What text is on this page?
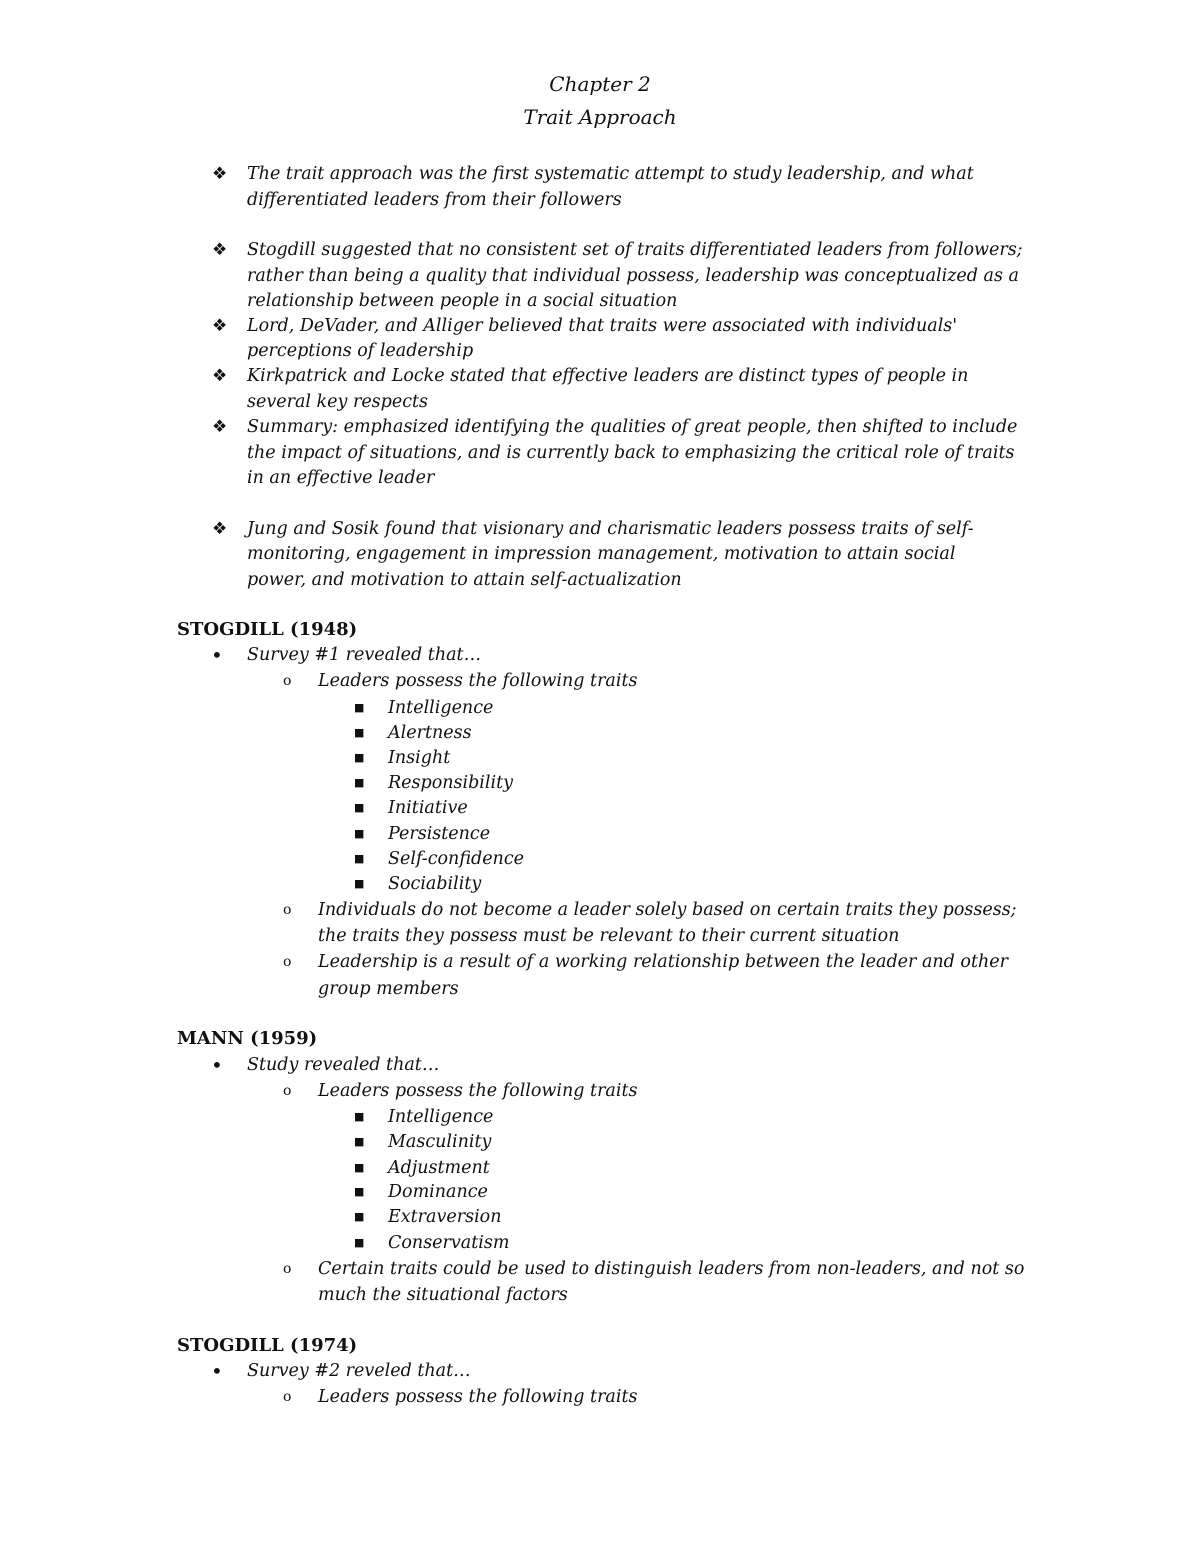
Chapter 2
Trait Approach
❖ The trait approach was the first systematic attempt to study leadership, and what
differentiated leaders from their followers
❖ Stogdill suggested that no consistent set of traits differentiated leaders from followers;
rather than being a quality that individual possess, leadership was conceptualized as a
relationship between people in a social situation
❖ Lord, DeVader, and Alliger believed that traits were associated with individuals'
perceptions of leadership
❖ Kirkpatrick and Locke stated that effective leaders are distinct types of people in
several key respects
❖ Summary: emphasized identifying the qualities of great people, then shifted to include
the impact of situations, and is currently back to emphasizing the critical role of traits
in an effective leader
❖ Jung and Sosik found that visionary and charismatic leaders possess traits of self-
monitoring, engagement in impression management, motivation to attain social
power, and motivation to attain self-actualization
STOGDILL (1948)
• Survey #1 revealed that…
o Leaders possess the following traits
■ Intelligence
■ Alertness
■ Insight
■ Responsibility
■ Initiative
■ Persistence
■ Self-confidence
■ Sociability
o Individuals do not become a leader solely based on certain traits they possess;
the traits they possess must be relevant to their current situation
o Leadership is a result of a working relationship between the leader and other
group members
MANN (1959)
• Study revealed that…
o Leaders possess the following traits
■ Intelligence
■ Masculinity
■ Adjustment
■ Dominance
■ Extraversion
■ Conservatism
o Certain traits could be used to distinguish leaders from non-leaders, and not so
much the situational factors
STOGDILL (1974)
• Survey #2 reveled that…
o Leaders possess the following traits
